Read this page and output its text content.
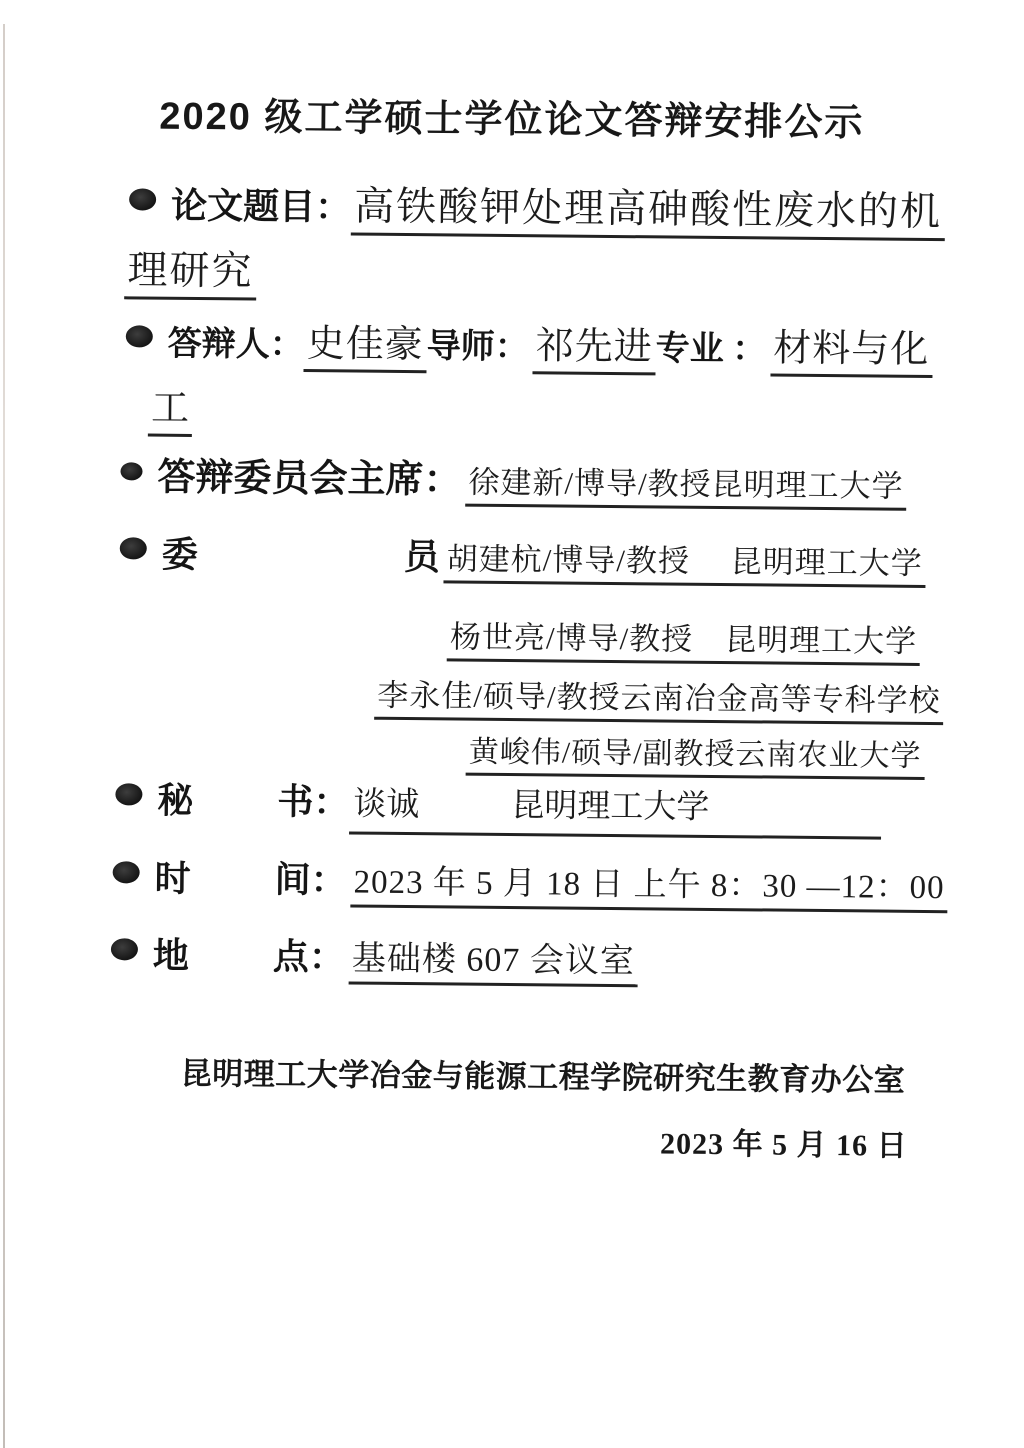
2020 级工学硕士学位论文答辩安排公示

论文题目：高铁酸钾处理高砷酸性废水的机

理研究

答辩人：史佳豪导师： 祁先进专业 ： 材料与化

工

答辩委员会主席： 徐建新/博导/教授昆明理工大学

委	员 胡建杭/博导/教授　 昆明理工大学

杨世亮/博导/教授　昆明理工大学

李永佳/硕导/教授云南冶金高等专科学校

黄峻伟/硕导/副教授云南农业大学

秘 书： 谈诚	昆明理工大学

时 间： 2023 年 5 月 18 日 上午 8：30 —12：00

地 点： 基础楼 607 会议室

昆明理工大学冶金与能源工程学院研究生教育办公室
2023 年 5 月 16 日
